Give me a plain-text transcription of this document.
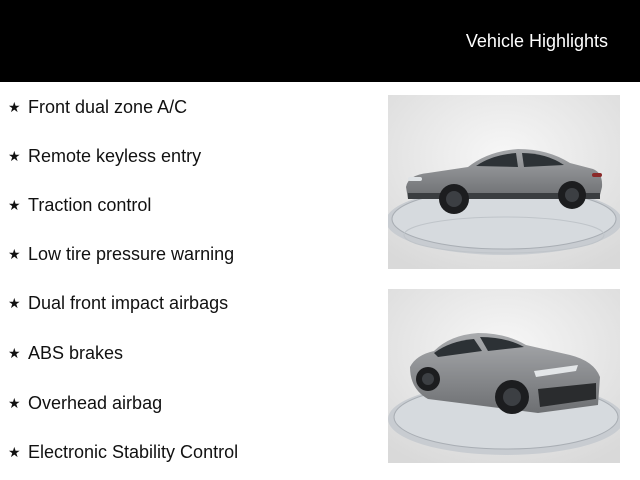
Vehicle Highlights
★ Front dual zone A/C
★ Remote keyless entry
★ Traction control
★ Low tire pressure warning
★ Dual front impact airbags
★ ABS brakes
★ Overhead airbag
★ Electronic Stability Control
